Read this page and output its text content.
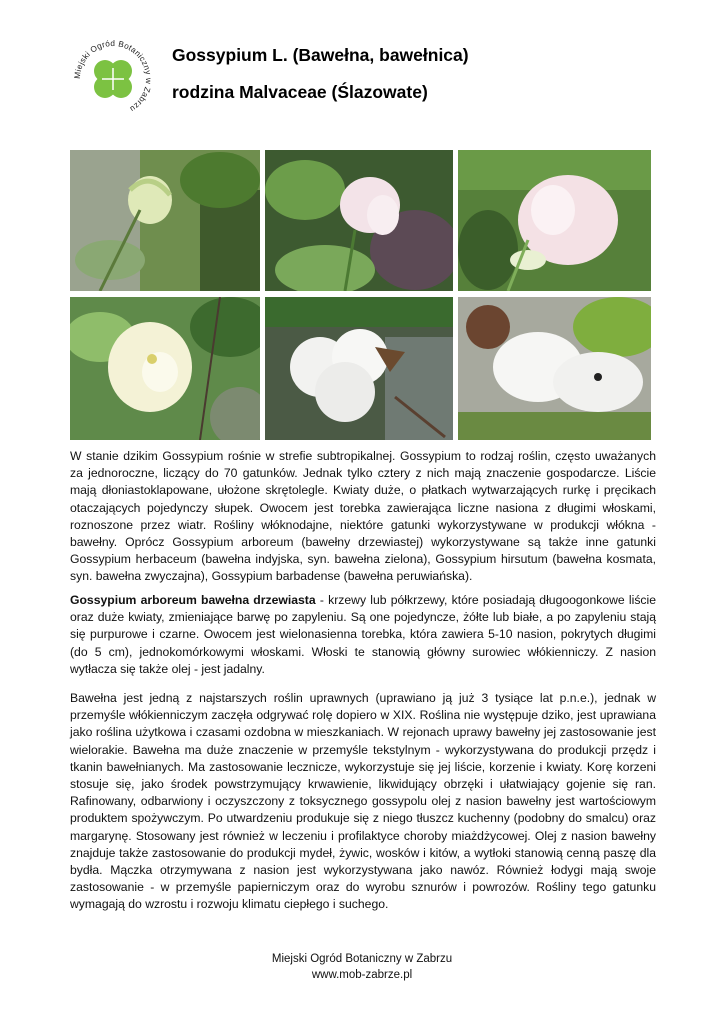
Miejski Ogród Botaniczny w Zabrzu
Gossypium L. (Bawełna, bawełnica)
rodzina Malvaceae (Ślazowate)

W stanie dzikim Gossypium rośnie w strefie subtropikalnej. Gossypium to rodzaj roślin, często uważanych za jednoroczne, liczący do 70 gatunków. Jednak tylko cztery z nich mają znaczenie gospodarcze. Liście mają dłoniastoklapowane, ułożone skrętolegle. Kwiaty duże, o płatkach wytwarzających rurkę i pręcikach otaczających pojedynczy słupek. Owocem jest torebka zawierająca liczne nasiona z długimi włoskami, roznoszone przez wiatr. Rośliny włóknodajne, niektóre gatunki wykorzystywane w produkcji włókna - bawełny. Oprócz Gossypium arboreum (bawełny drzewiastej) wykorzystywane są także inne gatunki Gossypium herbaceum (bawełna indyjska, syn. bawełna zielona), Gossypium hirsutum (bawełna kosmata, syn. bawełna zwyczajna), Gossypium barbadense (bawełna peruwiańska).

Gossypium arboreum bawełna drzewiasta - krzewy lub półkrzewy, które posiadają długoogonkowe liście oraz duże kwiaty, zmieniające barwę po zapyleniu. Są one pojedyncze, żółte lub białe, a po zapyleniu stają się purpurowe i czarne. Owocem jest wielonasienna torebka, która zawiera 5-10 nasion, pokrytych długimi (do 5 cm), jednokomórkowymi włoskami. Włoski te stanowią główny surowiec włókienniczy. Z nasion wytłacza się także olej - jest jadalny.

Bawełna jest jedną z najstarszych roślin uprawnych (uprawiano ją już 3 tysiące lat p.n.e.), jednak w przemyśle włókienniczym zaczęła odgrywać rolę dopiero w XIX. Roślina nie występuje dziko, jest uprawiana jako roślina użytkowa i czasami ozdobna w mieszkaniach. W rejonach uprawy bawełny jej zastosowanie jest wielorakie. Bawełna ma duże znaczenie w przemyśle tekstylnym - wykorzystywana do produkcji przędz i tkanin bawełnianych. Ma zastosowanie lecznicze, wykorzystuje się jej liście, korzenie i kwiaty. Korę korzeni stosuje się, jako środek powstrzymujący krwawienie, likwidujący obrzęki i ułatwiający gojenie się ran. Rafinowany, odbarwiony i oczyszczony z toksycznego gossypolu olej z nasion bawełny jest wartościowym produktem spożywczym. Po utwardzeniu produkuje się z niego tłuszcz kuchenny (podobny do smalcu) oraz margarynę. Stosowany jest również w leczeniu i profilaktyce choroby miażdżycowej. Olej z nasion bawełny znajduje także zastosowanie do produkcji mydeł, żywic, wosków i kitów, a wytłoki stanowią cenną paszę dla bydła. Mączka otrzymywana z nasion jest wykorzystywana jako nawóz. Również łodygi mają swoje zastosowanie - w przemyśle papierniczym oraz do wyrobu sznurów i powrozów. Rośliny tego gatunku wymagają do wzrostu i rozwoju klimatu ciepłego i suchego.

Miejski Ogród Botaniczny w Zabrzu
www.mob-zabrze.pl
